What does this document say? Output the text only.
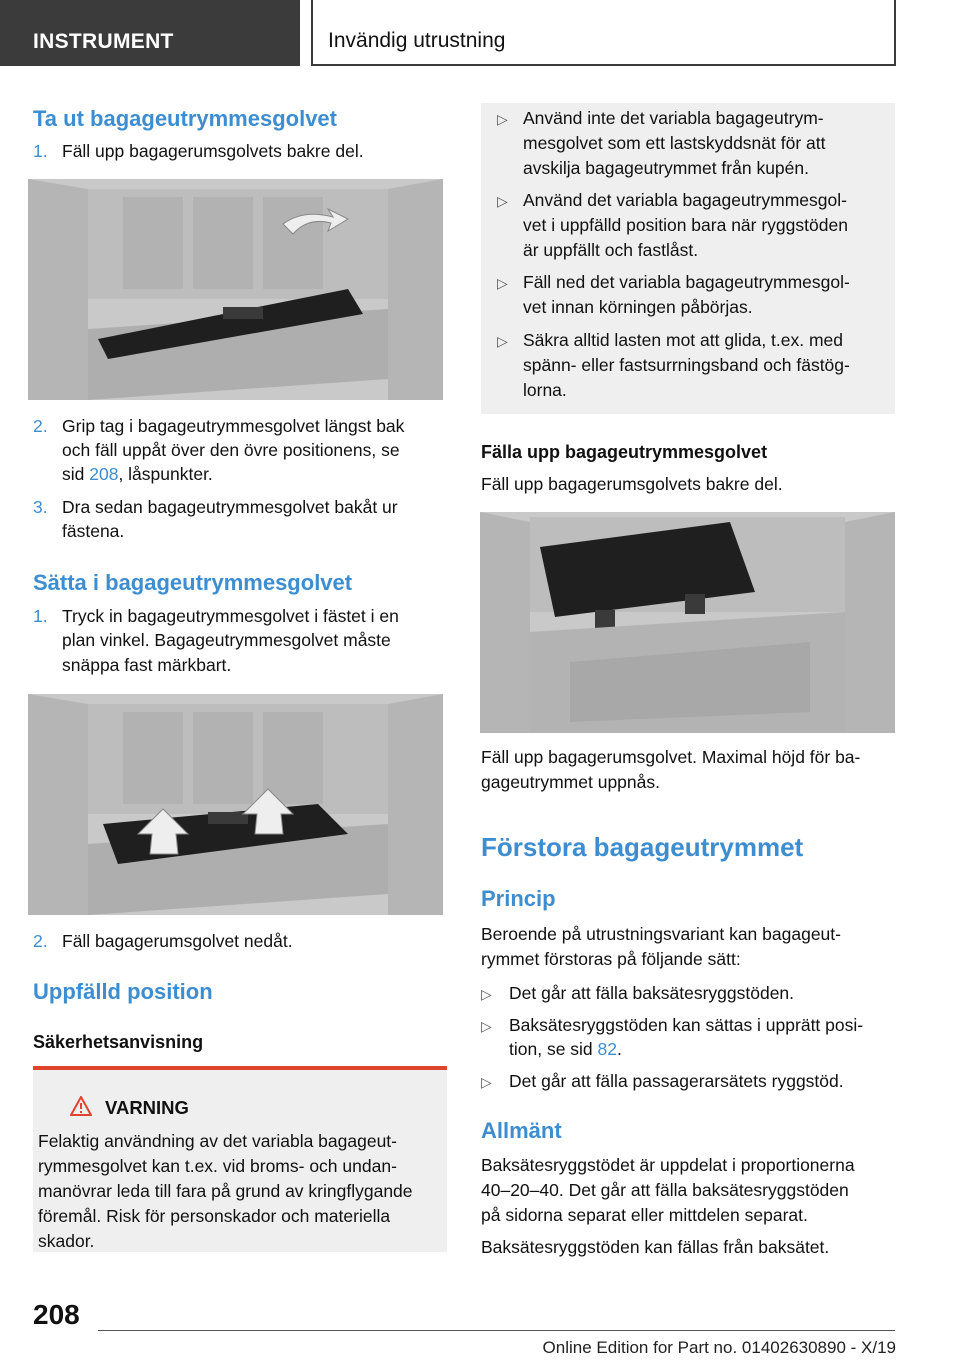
INSTRUMENT	Invändig utrustning
Ta ut bagageutrymmesgolvet
1. Fäll upp bagagerumsgolvets bakre del.
2. Grip tag i bagageutrymmesgolvet längst bak
och fäll uppåt över den övre positionens, se
sid 208, låspunkter.
3. Dra sedan bagageutrymmesgolvet bakåt ur
fästena.
Sätta i bagageutrymmesgolvet
1. Tryck in bagageutrymmesgolvet i fästet i en
plan vinkel. Bagageutrymmesgolvet måste
snäppa fast märkbart.
2. Fäll bagagerumsgolvet nedåt.
Uppfälld position
Säkerhetsanvisning
VARNING
Felaktig användning av det variabla bagageut-
rymmesgolvet kan t.ex. vid broms- och undan-
manövrar leda till fara på grund av kringflygande
föremål. Risk för personskador och materiella
skador.
▷ Använd inte det variabla bagageutrym-
mesgolvet som ett lastskyddsnät för att
avskilja bagageutrymmet från kupén.
▷ Använd det variabla bagageutrymmesgol-
vet i uppfälld position bara när ryggstöden
är uppfällt och fastlåst.
▷ Fäll ned det variabla bagageutrymmesgol-
vet innan körningen påbörjas.
▷ Säkra alltid lasten mot att glida, t.ex. med
spänn- eller fastsurrningsband och fästög-
lorna.
Fälla upp bagageutrymmesgolvet
Fäll upp bagagerumsgolvets bakre del.
Fäll upp bagagerumsgolvet. Maximal höjd för ba-
gageutrymmet uppnås.
Förstora bagageutrymmet
Princip
Beroende på utrustningsvariant kan bagageut-
rymmet förstoras på följande sätt:
▷ Det går att fälla baksätesryggstöden.
▷ Baksätesryggstöden kan sättas i upprätt posi-
tion, se sid 82.
▷ Det går att fälla passagerarsätets ryggstöd.
Allmänt
Baksätesryggstödet är uppdelat i proportionerna
40–20–40. Det går att fälla baksätesryggstöden
på sidorna separat eller mittdelen separat.
Baksätesryggstöden kan fällas från baksätet.
208
Online Edition for Part no. 01402630890 - X/19
